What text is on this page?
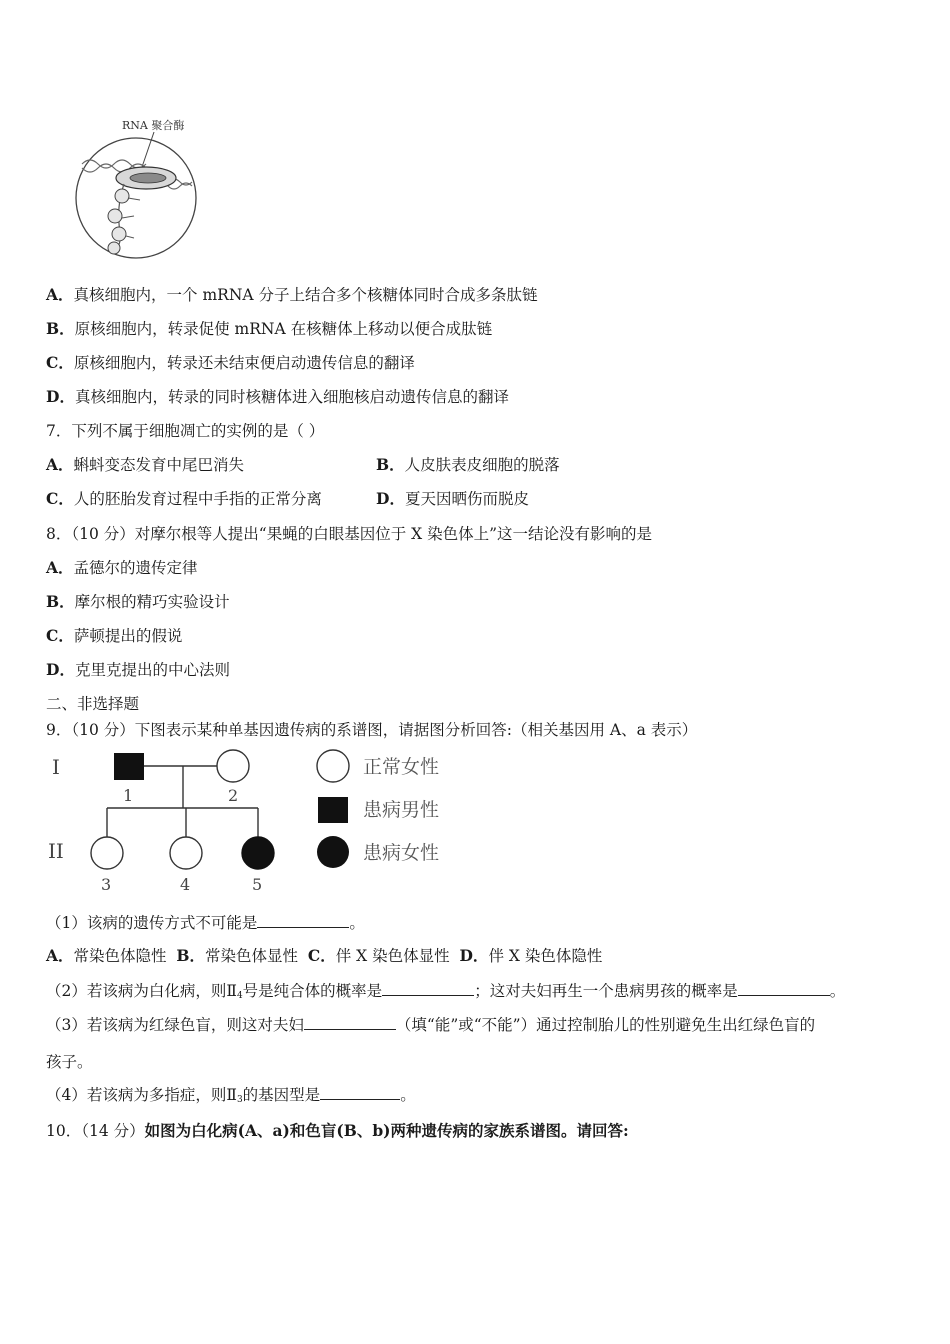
RNA 聚合酶
A．真核细胞内，一个 mRNA 分子上结合多个核糖体同时合成多条肽链
B．原核细胞内，转录促使 mRNA 在核糖体上移动以便合成肽链
C．原核细胞内，转录还未结束便启动遗传信息的翻译
D．真核细胞内，转录的同时核糖体进入细胞核启动遗传信息的翻译
7．下列不属于细胞凋亡的实例的是（ ）
A．蝌蚪变态发育中尾巴消失	B．人皮肤表皮细胞的脱落
C．人的胚胎发育过程中手指的正常分离	D．夏天因晒伤而脱皮
8．（10 分）对摩尔根等人提出“果蝇的白眼基因位于 X 染色体上”这一结论没有影响的是
A．孟德尔的遗传定律
B．摩尔根的精巧实验设计
C．萨顿提出的假说
D．克里克提出的中心法则
二、非选择题
9．（10 分）下图表示某种单基因遗传病的系谱图，请据图分析回答:（相关基因用 A、a 表示）
I
II
1	2
3	4	5
正常女性
患病男性
患病女性
（1）该病的遗传方式不可能是	。
A．常染色体隐性 B．常染色体显性 C．伴 X 染色体显性 D．伴 X 染色体隐性
（2）若该病为白化病，则$Ⅱ_4$号是纯合体的概率是	；这对夫妇再生一个患病男孩的概率是	。
（3）若该病为红绿色盲，则这对夫妇	（填“能”或“不能”）通过控制胎儿的性别避免生出红绿色盲的
孩子。
（4）若该病为多指症，则$Ⅱ_3$的基因型是	。
10．（14 分）如图为白化病(A、a)和色盲(B、b)两种遗传病的家族系谱图。请回答:
